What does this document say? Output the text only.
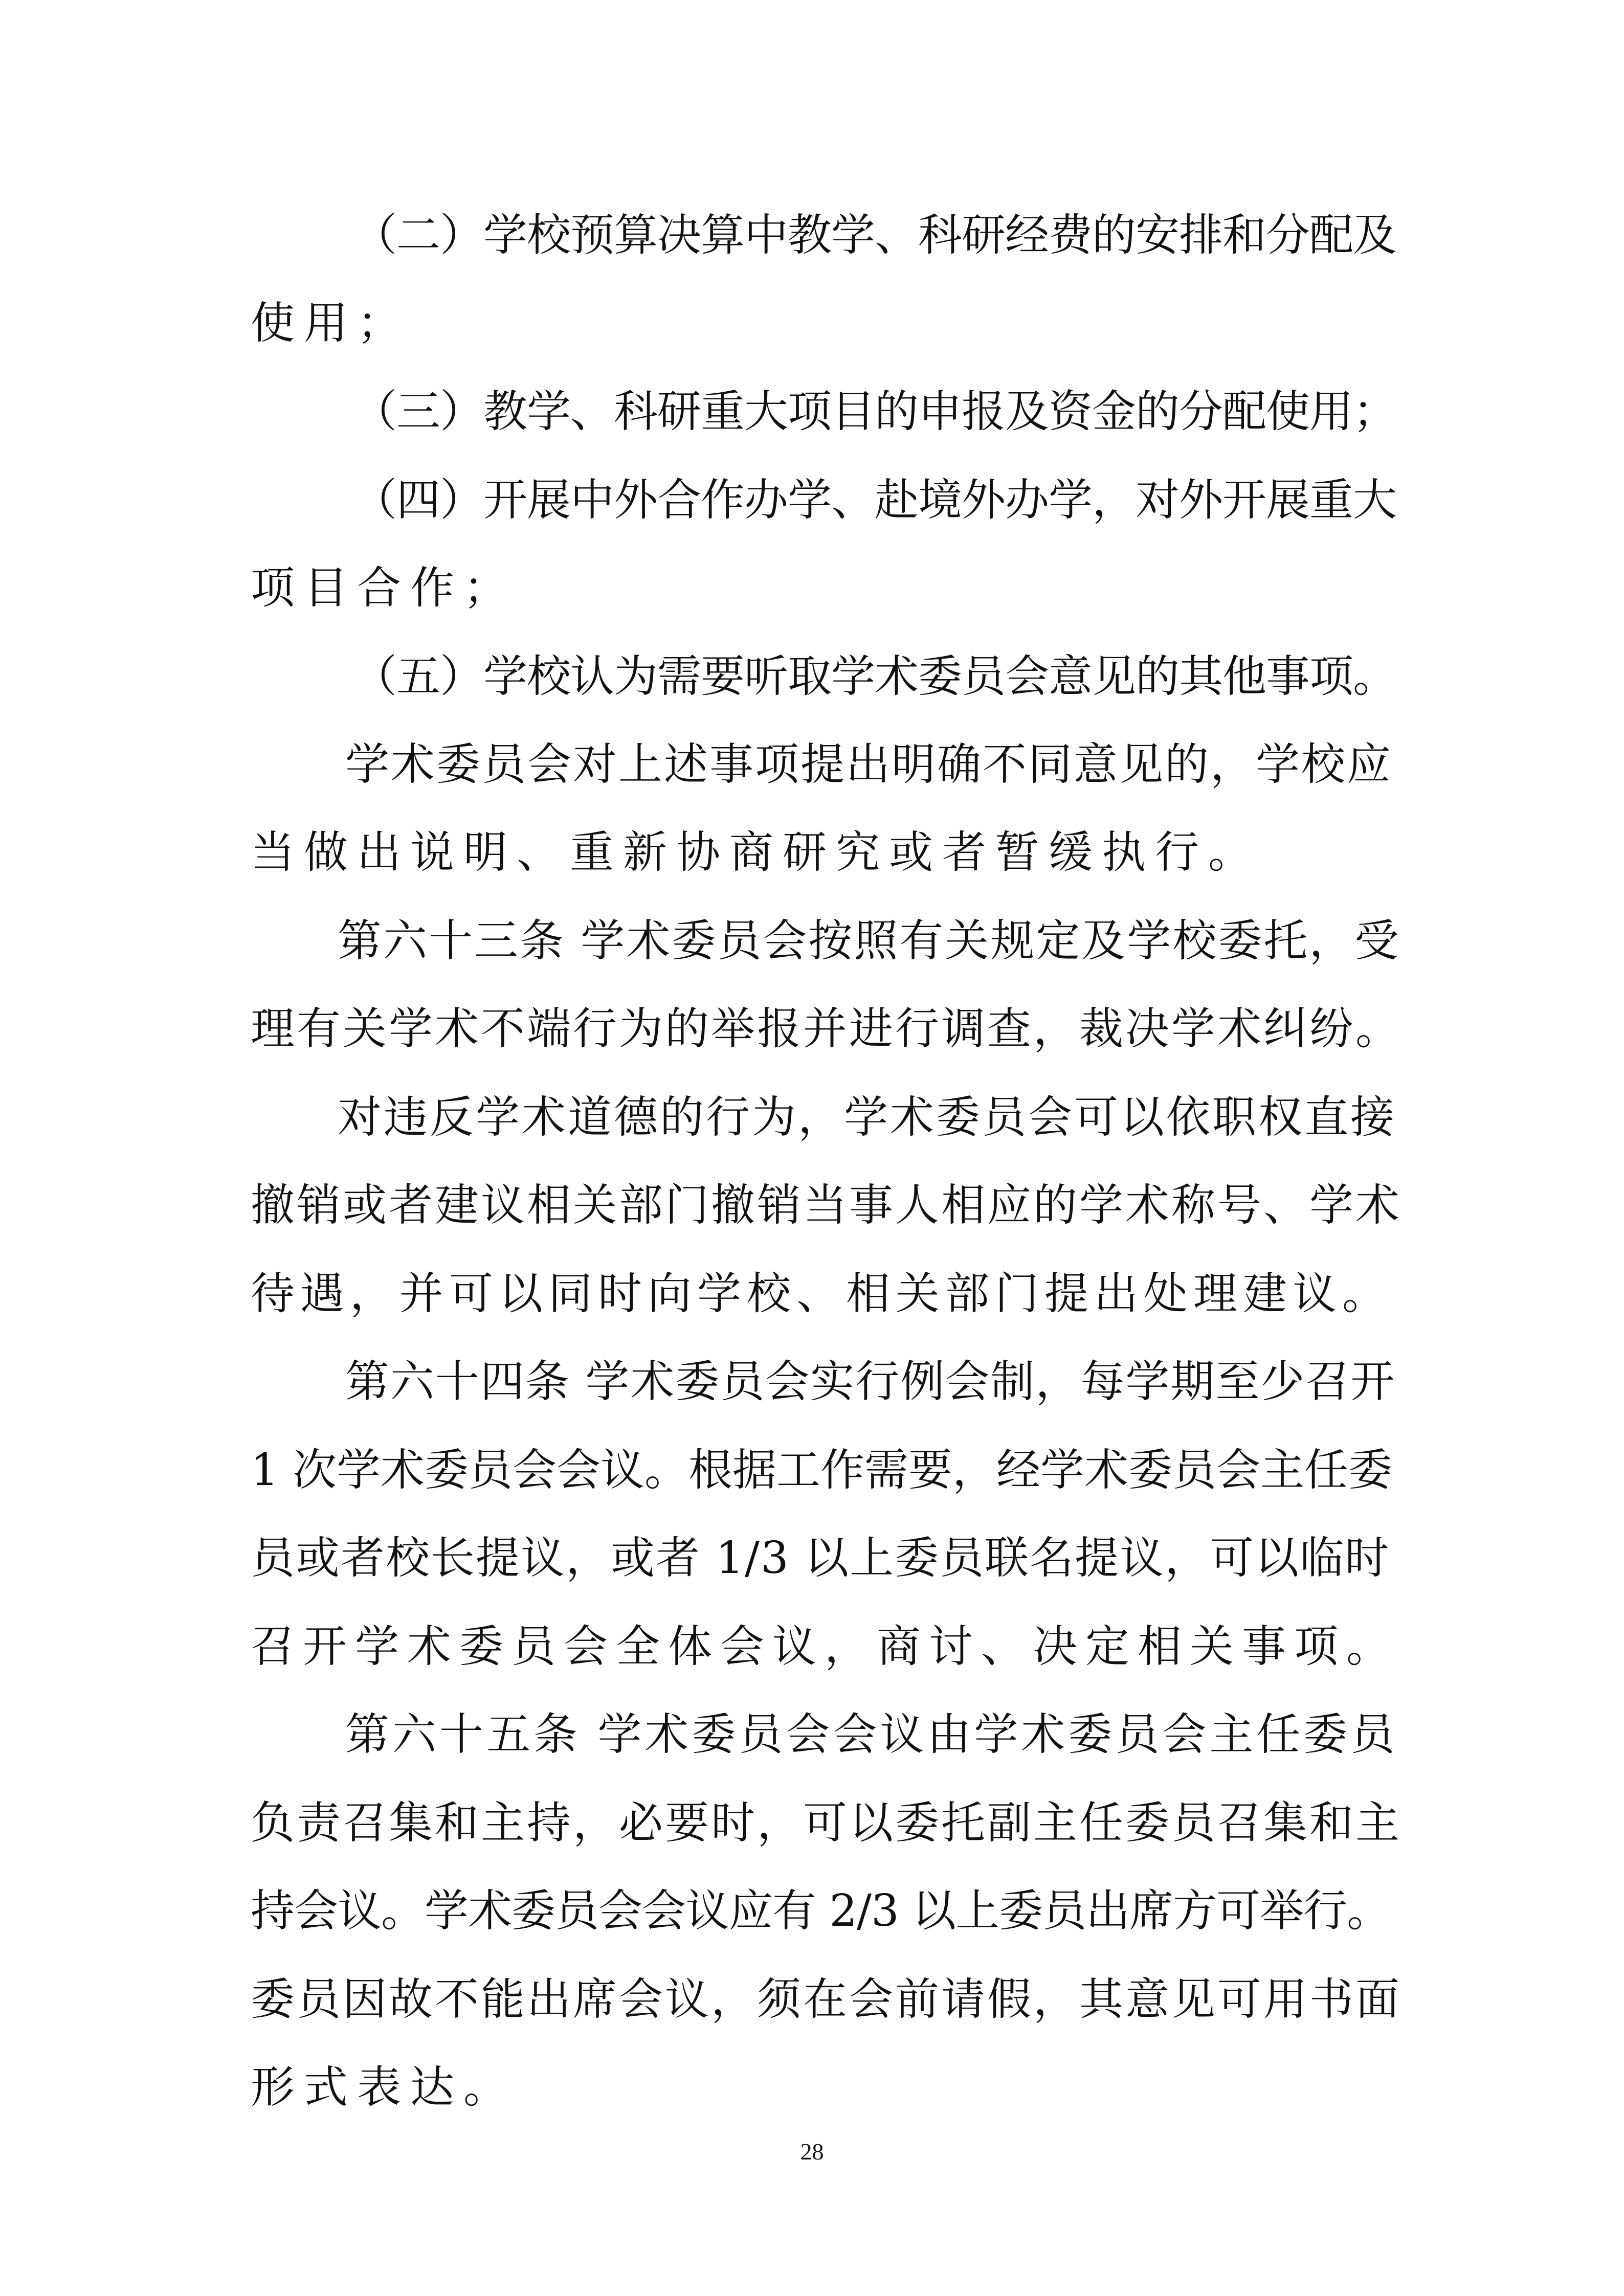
（二）学校预算决算中教学、科研经费的安排和分配及
使用；
（三）教学、科研重大项目的申报及资金的分配使用；
（四）开展中外合作办学、赴境外办学，对外开展重大
项目合作；
（五）学校认为需要听取学术委员会意见的其他事项。
学术委员会对上述事项提出明确不同意见的，学校应
当做出说明、重新协商研究或者暂缓执行。
第六十三条 学术委员会按照有关规定及学校委托，受
理有关学术不端行为的举报并进行调查，裁决学术纠纷。
对违反学术道德的行为，学术委员会可以依职权直接
撤销或者建议相关部门撤销当事人相应的学术称号、学术
待遇，并可以同时向学校、相关部门提出处理建议。
第六十四条 学术委员会实行例会制，每学期至少召开
1 次学术委员会会议。根据工作需要，经学术委员会主任委
员或者校长提议，或者 1/3 以上委员联名提议，可以临时
召开学术委员会全体会议，商讨、决定相关事项。
第六十五条 学术委员会会议由学术委员会主任委员
负责召集和主持，必要时，可以委托副主任委员召集和主
持会议。学术委员会会议应有 2/3 以上委员出席方可举行。
委员因故不能出席会议，须在会前请假，其意见可用书面
形式表达。
28
